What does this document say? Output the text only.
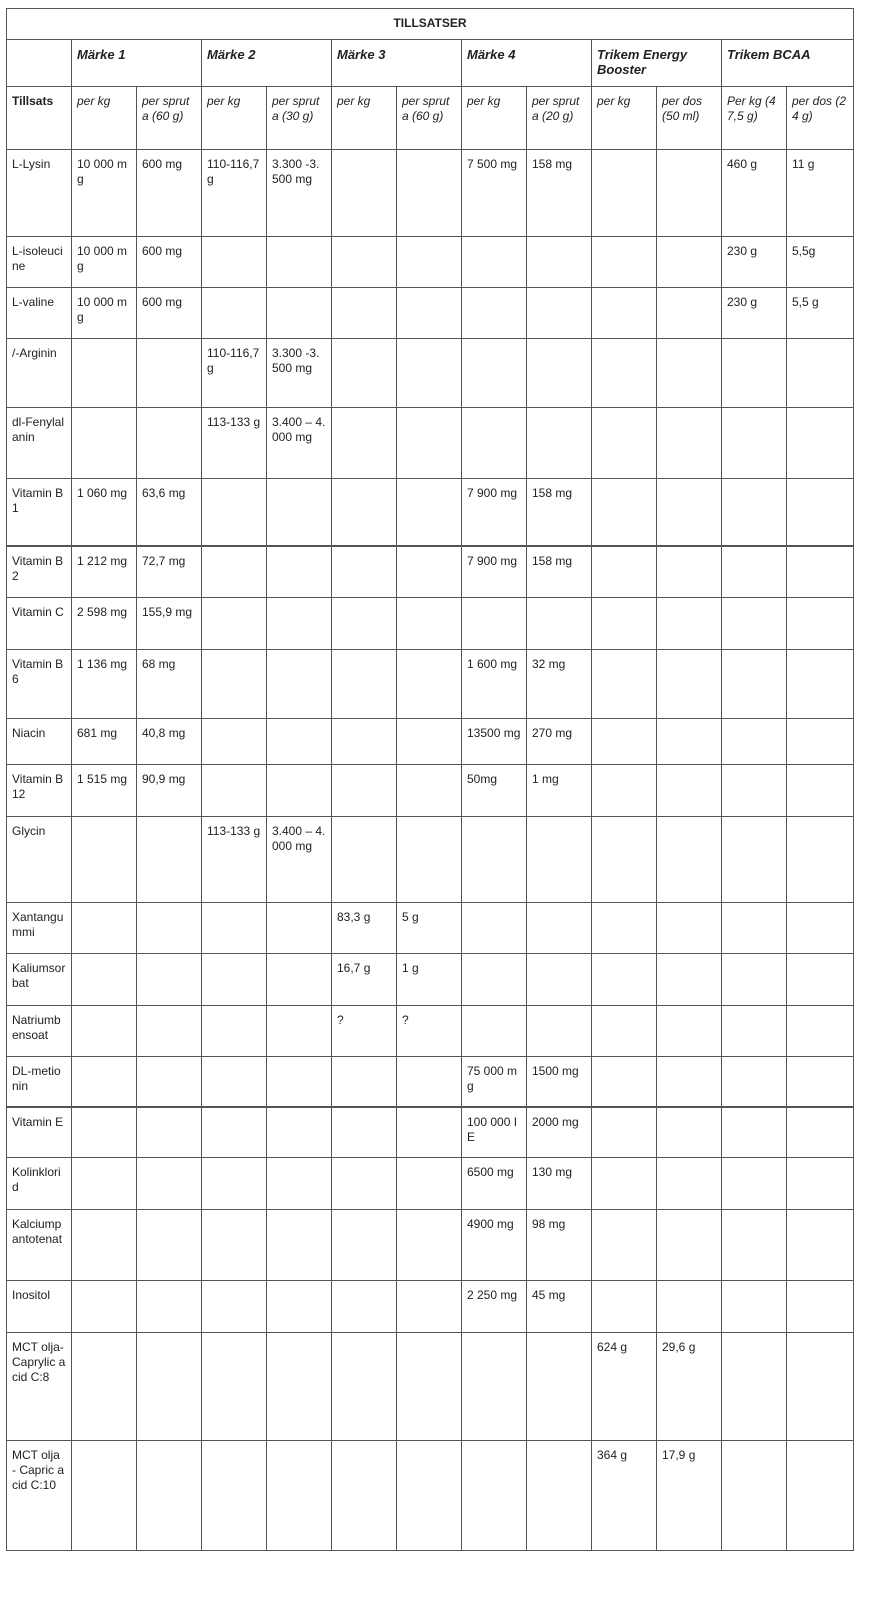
TILLSATSER												
	Märke 1		Märke 2		Märke 3		Märke 4		Trikem Energy Booster		Trikem BCAA	
Tillsats	per kg	per spruta (60 g)	per kg	per spruta (30 g)	per kg	per spruta (60 g)	per kg	per spruta (20 g)	per kg	per dos (50 ml)	Per kg (47,5 g)	per dos (24 g)
L-Lysin	10 000 mg	600 mg	110-116,7 g	3.300 -3.500 mg			7 500 mg	158 mg			460 g	11 g
L-isoleucine	10 000 mg	600 mg									230 g	5,5g
L-valine	10 000 mg	600 mg									230 g	5,5 g
/-Arginin			110-116,7 g	3.300 -3.500 mg								
dl-Fenylalanin			113-133 g	3.400 – 4.000 mg								
Vitamin B1	1 060 mg	63,6 mg					7 900 mg	158 mg				
Vitamin B2	1 212 mg	72,7 mg					7 900 mg	158 mg				
Vitamin C	2 598 mg	155,9 mg										
Vitamin B6	1 136 mg	68 mg					1 600 mg	32 mg				
Niacin	681 mg	40,8 mg					13500 mg	270 mg				
Vitamin B12	1 515 mg	90,9 mg					50mg	1 mg				
Glycin			113-133 g	3.400 – 4.000 mg								
Xantangummi					83,3 g	5 g						
Kaliumsorbat					16,7 g	1 g						
Natriumbensoat					?	?						
DL-metionin							75 000 mg	1500 mg				
Vitamin E							100 000 IE	2000 mg				
Kolinklorid							6500 mg	130 mg				
Kalciumpantotenat							4900 mg	98 mg				
Inositol							2 250 mg	45 mg				
MCT olja- Caprylic acid C:8									624 g	29,6 g		
MCT olja - Capric acid C:10									364 g	17,9 g		
